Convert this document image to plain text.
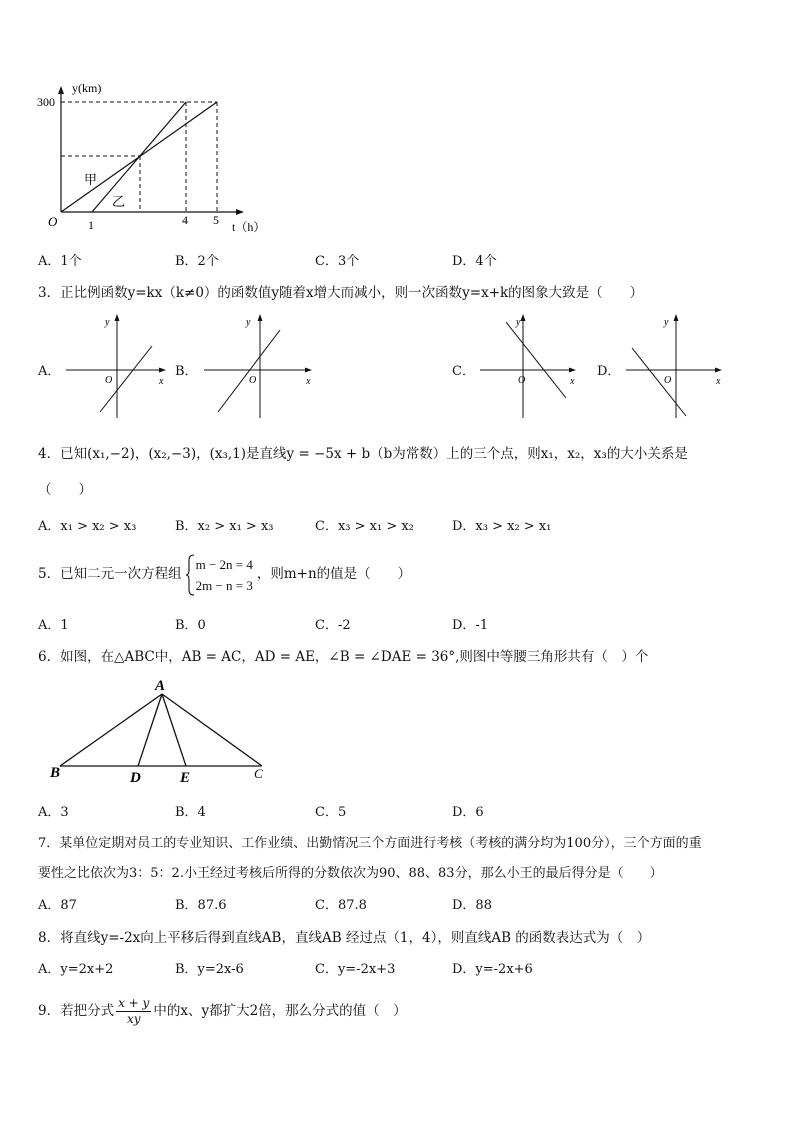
y(km)
300
O	1	4 5 t（h）
甲
乙
A．1个	B．2个	C．3个	D．4个
3．正比例函数y=kx（k≠0）的函数值y随着x增大而减小，则一次函数y=x+k的图象大致是（　　）
A．
y
x
O
B．
y
x
O
C．
y
x
O
D．
y
x
O
4．已知(x₁,−2)，(x₂,−3)，(x₃,1)是直线y = −5x + b（b为常数）上的三个点，则x₁，x₂，x₃的大小关系是
（　　）
A．x₁ > x₂ > x₃	B．x₂ > x₁ > x₃	C．x₃ > x₁ > x₂	D．x₃ > x₂ > x₁
5．已知二元一次方程组
m − 2n = 4
2m − n = 3
，则m+n的值是（　　）
A．1	B．0	C．-2	D．-1
6．如图，在△ABC中，AB = AC，AD = AE，∠B = ∠DAE = 36°,则图中等腰三角形共有（　）个
A
B	D	E	C
A．3	B．4	C．5	D．6
7．某单位定期对员工的专业知识、工作业绩、出勤情况三个方面进行考核（考核的满分均为100分），三个方面的重
要性之比依次为3：5：2.小王经过考核后所得的分数依次为90、88、83分，那么小王的最后得分是（　　）
A．87	B．87.6	C．87.8	D．88
8．将直线y=-2x向上平移后得到直线AB，直线AB 经过点（1，4），则直线AB 的函数表达式为（　）
A．y=2x+2	B．y=2x-6	C．y=-2x+3	D．y=-2x+6
9．若把分式 $\frac{x + y}{xy}$ 中的x、y都扩大2倍，那么分式的值（　）
